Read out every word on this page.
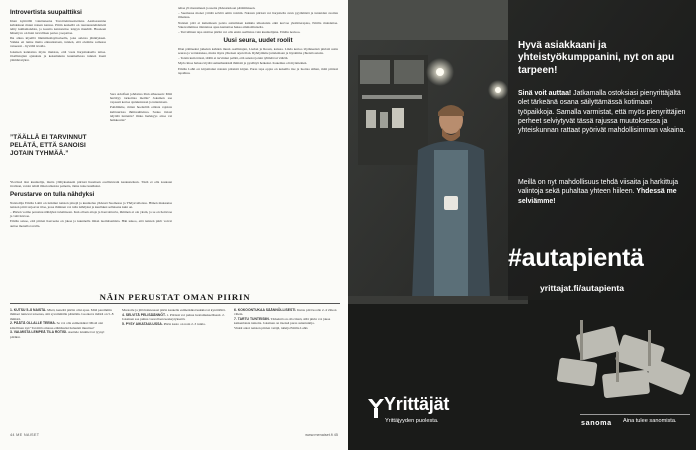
Introvertista suupalttiksi

Iman kyntöillä vaiuttaneena Tavoitteintasoitettuna Asstisaarenna kahdeksan muun naisen kanssa. Piirin keskellä on rauraustetehdettetä tehty kuihamandala, ja koreita kantorutiso lenpyn muuhilt. Huoneen hänettyvo on hoin turvalliseu perteo yoopattaa.

Iha alkaa kiyeillä linnistikohaytisaloella, joka aaletaa jännityksen. Vaikka en tunne muita entuudestaan, tunnen, että olemme samassa veneessä – hyvällä tavalla.

Jokaisen kannattaa myös muistaa, että vasta harjoituksella taitoa. Osallistujien ajatuksia ja kokemuksia kuunnellessa tunnen itseni ymmärretyksi.

”TÄÄLLÄ EI TARVINNUT PELÄTÄ, ETTÄ SANOISI JOTAIN TYHMÄÄ.”

Sara Adolfsen johdattaa illan aiheeseen: Mitä herättyy tarkoittaa meille? Jokainen saa vapaasti kertoa ajatuksistaan ja tunteistaan.

Pohdimme, miten hoeiteltiä omista rajoista kulttuurissa ihmissuhteissa. Saako itsiasi näyttää tuntenta? Onko herkkyys aitoa vai heikkoutta?

Ylevässä ilon kuuntelija, mutta yllätyksekseni piirissä huomaan osallistuvani keskusteluun. Tästä ei olla koskaan irrallaan, voisin tehdä ilman ulkoisia paineita, tänne tulee kuulluksi.

Perustarve on tulla nähdyksi

Naistoilija Emilia Lahti on tutkinut naisten piirejä ja kuuntelua yhdessä Suomessa ja Yhdysvalloissa. Hänen mukaansa naisten piirit tarjoavat tilaa, jossa ihminen voi tulla nähdyksi ja kuulluksi sellaisena kuin on.

– Piirien voima perustuu nähdyksi tulemiseen. Kun ollaan aitoja ja haavoittuvia, ihminen ei ole yksin, ja se on hoitavaa ja vahvistavaa.

Emilia sanoo, että piirien haaveena on jakaa ja kuunnella ilman tuomitsemista. Hän uskoo, että naisten piirit voivat auttaa monella tavalla.

tehaa yli mestaineen ja useita yhdessäoloon päättämiseen.

– Suomessa monet yrittää selvitä omin voimin. Naisten piirissä voi harjoitella avun pyytämistä ja tunteiden avointa ilmaisua.

Naisten piiri ei kuitenkaan poista auttamisen kaikkia ulkonaisia eikä korvaa yksilöterapiaa, Emilia muistuttaa. Vakavammissa tilanteissa apua kannattaa hakea ammattilaiselta.

– Turvallinen tapa aloittaa piiriin voi olla ensin osallistua vain kuuntelijana. Emilia neuvoo.

Uusi seura, uudet roolit

Illan päätteeksi jatkelen kahden muun osallistujan, Liedan ja Rosan, kanssa. Linda kertoo löytäneensä piiristä uutta seuraa ja vertaistukea, mutta myös yhteisen arjen tilan. Ryhdyimme juttelemaan ja löysimme yhteisiä asioita.

– Toisin kuin töissä, täällä ei tarvinnut pelätä, että sanoisi jotain tyhmää tai väärää.

Myös Rosa haluaa löytää samanhenkisiä ihmisiä ja pysähtyä hetkeksi. Kokemus oli myönteinen.

Emilia Lahti on kirjoittanut naisten piireistä kirjan. Paras tapa oppia on kokeilla itse ja luottaa siihen, mitä piirissä tapahtuu.

NÄIN PERUSTAT OMAN PIIRIN
1. KUTSU 5–8 NAISTA. Mieti, keneltä piiriin olisi apua. Mitä paremmin ihmiset tuntevat toisensa, sitä syvemmälle päästään. Luonteva määrä on 5–8 ihmistä.
2. PÄÄTÄ OLLALLE TEEMA. Se voi olla esimerkiksi: Mistä olet kiitollinen nyt? Tai mitä omassa elämässäsi haluaisit muuttaa?
3. VALMISTA LEMPEÄ TILA ROTISI. Asettele istuimet tai tyynyt piiriksi.
Muotoile ja jätä halutessasi piirin keskelle esimerkiksi kukkia tai kynttilöitä.
4. SELVITÄ PELISÄÄNNÖT. 1. Piirissä voi puhua luottamuksellisesti. 2. Jokainen saa puhua vuorollaan keskeytyksettä.
5. PYSY AIKATAULUSSA. Piirin kesto on noin 2–3 tuntia.
6. KOKOONTUKAA SÄÄNNÖLLISESTI. Kutsu piiri koolle 2–4 viikon välein.
7. TARTU TUNTEISIIN. Tärkeintä on olla läsnä, sillä piirin voi jakaa kaikenlaisia tunteita. Jokainen on itsensä paras asiantuntija.
Vinkit antoi naisten piirien vetäjä, tutkija Emilia Lahti.
44 ME NAISET	www.menaiset.fi 45
Hyvä asiakkaani ja yhteistyökumppanini, nyt on apu tarpeen!
Sinä voit auttaa! Jatkamalla ostoksiasi pienyrittäjältä olet tärkeänä osana säilyttämässä kotimaan työpaikkoja. Samalla varmistat, että myös pienyrittäjien perheet selviytyvät tässä rajussa muutoksessa ja yhteiskunnan rattaat pyörivät mahdollisimman vakaina.
Meillä on nyt mahdollisuus tehdä viisaita ja harkittuja valintoja sekä puhaltaa yhteen hiileen. Yhdessä me selviämme!
#autapientä
yrittajat.fi/autapienta
Yrittäjät
Yrittäjyyden puolesta.	sanoma Aina tulee sanomista.
